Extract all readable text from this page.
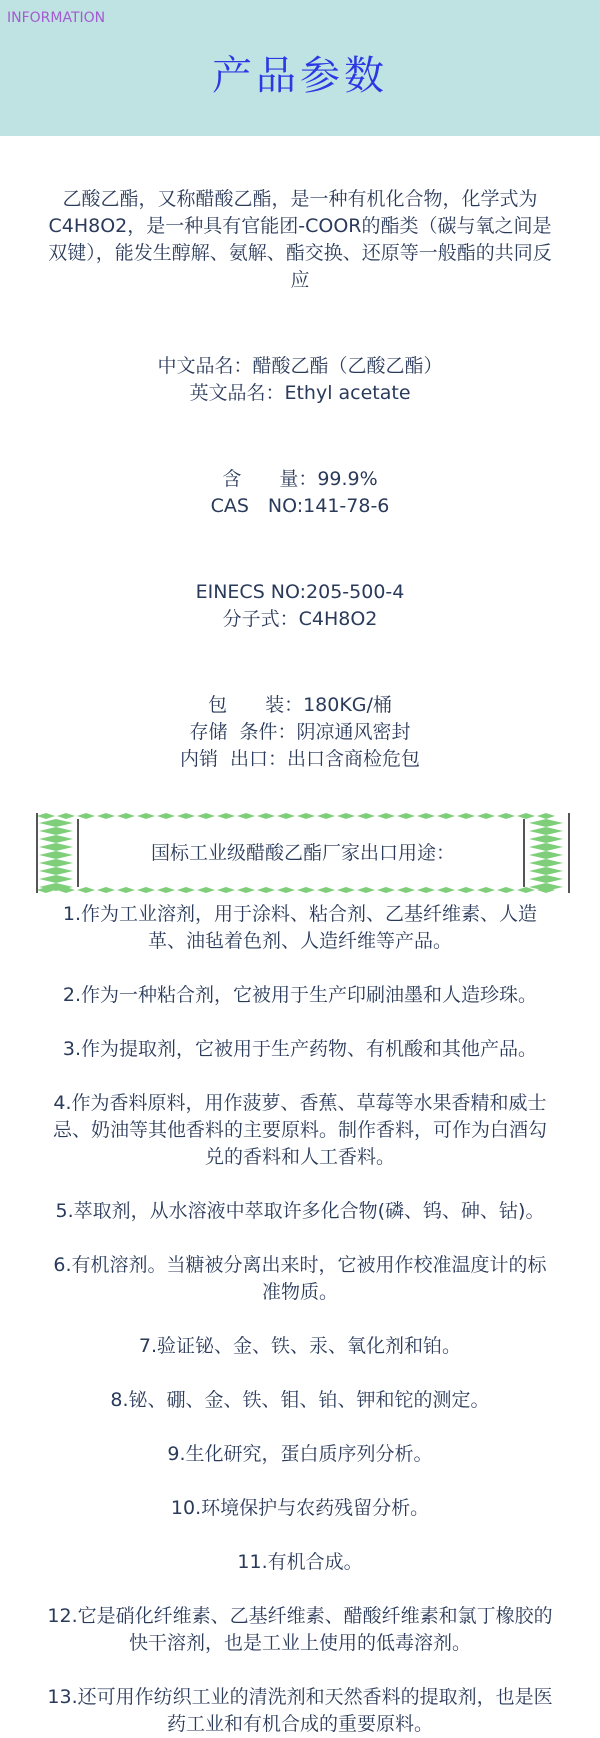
INFORMATION
产品参数

乙酸乙酯，又称醋酸乙酯，是一种有机化合物，化学式为C4H8O2，是一种具有官能团-COOR的酯类（碳与氧之间是双键），能发生醇解、氨解、酯交换、还原等一般酯的共同反应

中文品名：醋酸乙酯（乙酸乙酯）

英文品名：Ethyl acetate

含　　量：99.9%

CAS　NO:141-78-6

EINECS NO:205-500-4

分子式：C4H8O2

包　　装：180KG/桶

存储  条件：阴凉通风密封

内销  出口：出口含商检危包

国标工业级醋酸乙酯厂家出口用途：

1.作为工业溶剂，用于涂料、粘合剂、乙基纤维素、人造革、油毡着色剂、人造纤维等产品。

2.作为一种粘合剂，它被用于生产印刷油墨和人造珍珠。

3.作为提取剂，它被用于生产药物、有机酸和其他产品。

4.作为香料原料，用作菠萝、香蕉、草莓等水果香精和威士忌、奶油等其他香料的主要原料。制作香料，可作为白酒勾兑的香料和人工香料。

5.萃取剂，从水溶液中萃取许多化合物(磷、钨、砷、钴)。

6.有机溶剂。当糖被分离出来时，它被用作校准温度计的标准物质。

7.验证铋、金、铁、汞、氧化剂和铂。

8.铋、硼、金、铁、钼、铂、钾和铊的测定。

9.生化研究，蛋白质序列分析。

10.环境保护与农药残留分析。

11.有机合成。

12.它是硝化纤维素、乙基纤维素、醋酸纤维素和氯丁橡胶的快干溶剂，也是工业上使用的低毒溶剂。

13.还可用作纺织工业的清洗剂和天然香料的提取剂，也是医药工业和有机合成的重要原料。
